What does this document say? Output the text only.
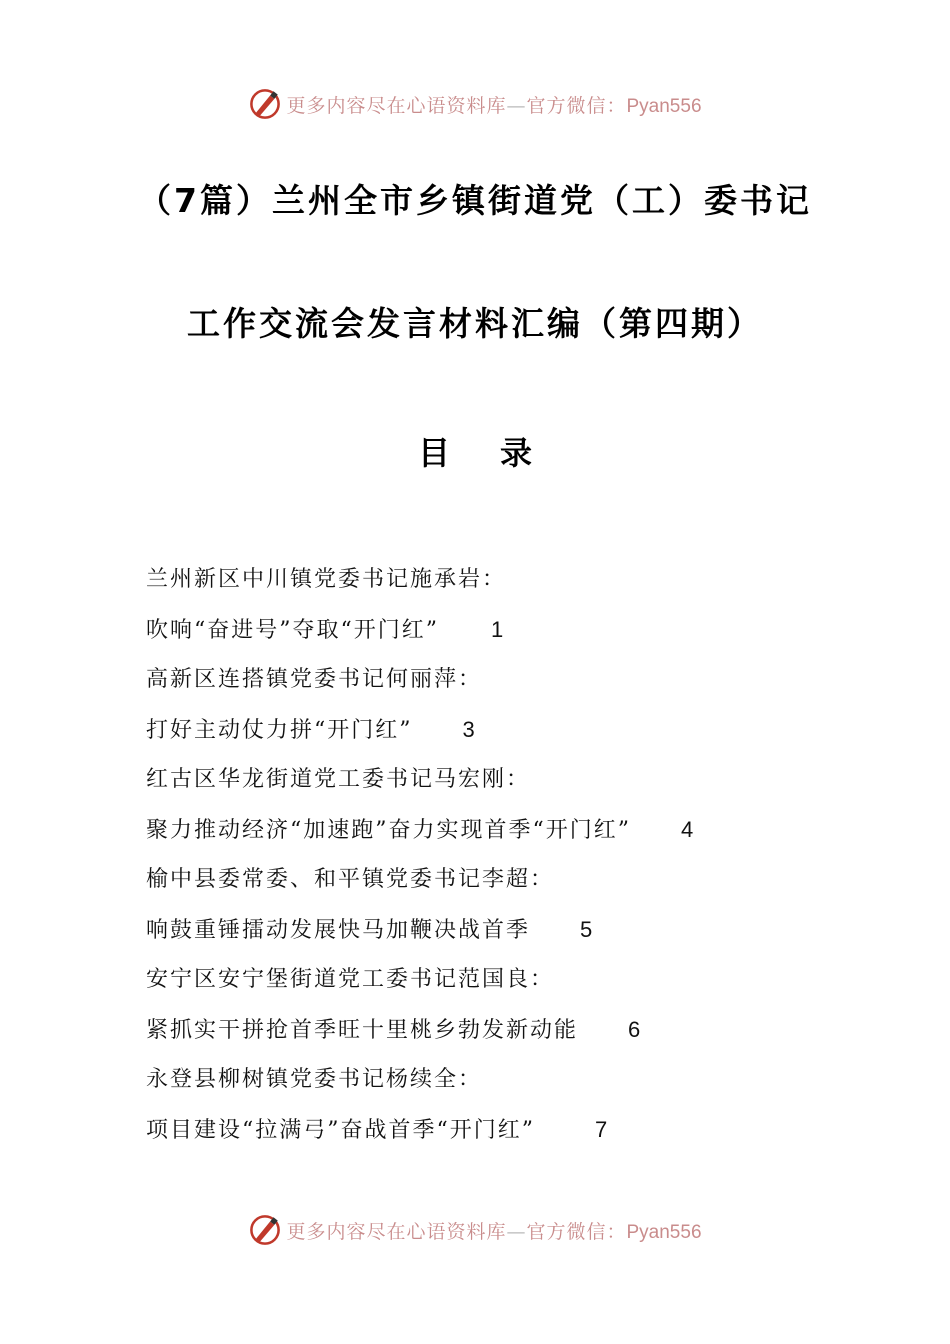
更多内容尽在心语资料库—官方微信：Pyan556
（7篇）兰州全市乡镇街道党（工）委书记
工作交流会发言材料汇编（第四期）
目 录
兰州新区中川镇党委书记施承岩：
吹响“奋进号”夺取“开门红” 1
高新区连搭镇党委书记何丽萍：
打好主动仗力拼“开门红” 3
红古区华龙街道党工委书记马宏刚：
聚力推动经济“加速跑”奋力实现首季“开门红” 4
榆中县委常委、和平镇党委书记李超：
响鼓重锤擂动发展快马加鞭决战首季 5
安宁区安宁堡街道党工委书记范国良：
紧抓实干拼抢首季旺十里桃乡勃发新动能 6
永登县柳树镇党委书记杨续全：
项目建设“拉满弓”奋战首季“开门红”	7
更多内容尽在心语资料库—官方微信：Pyan556
